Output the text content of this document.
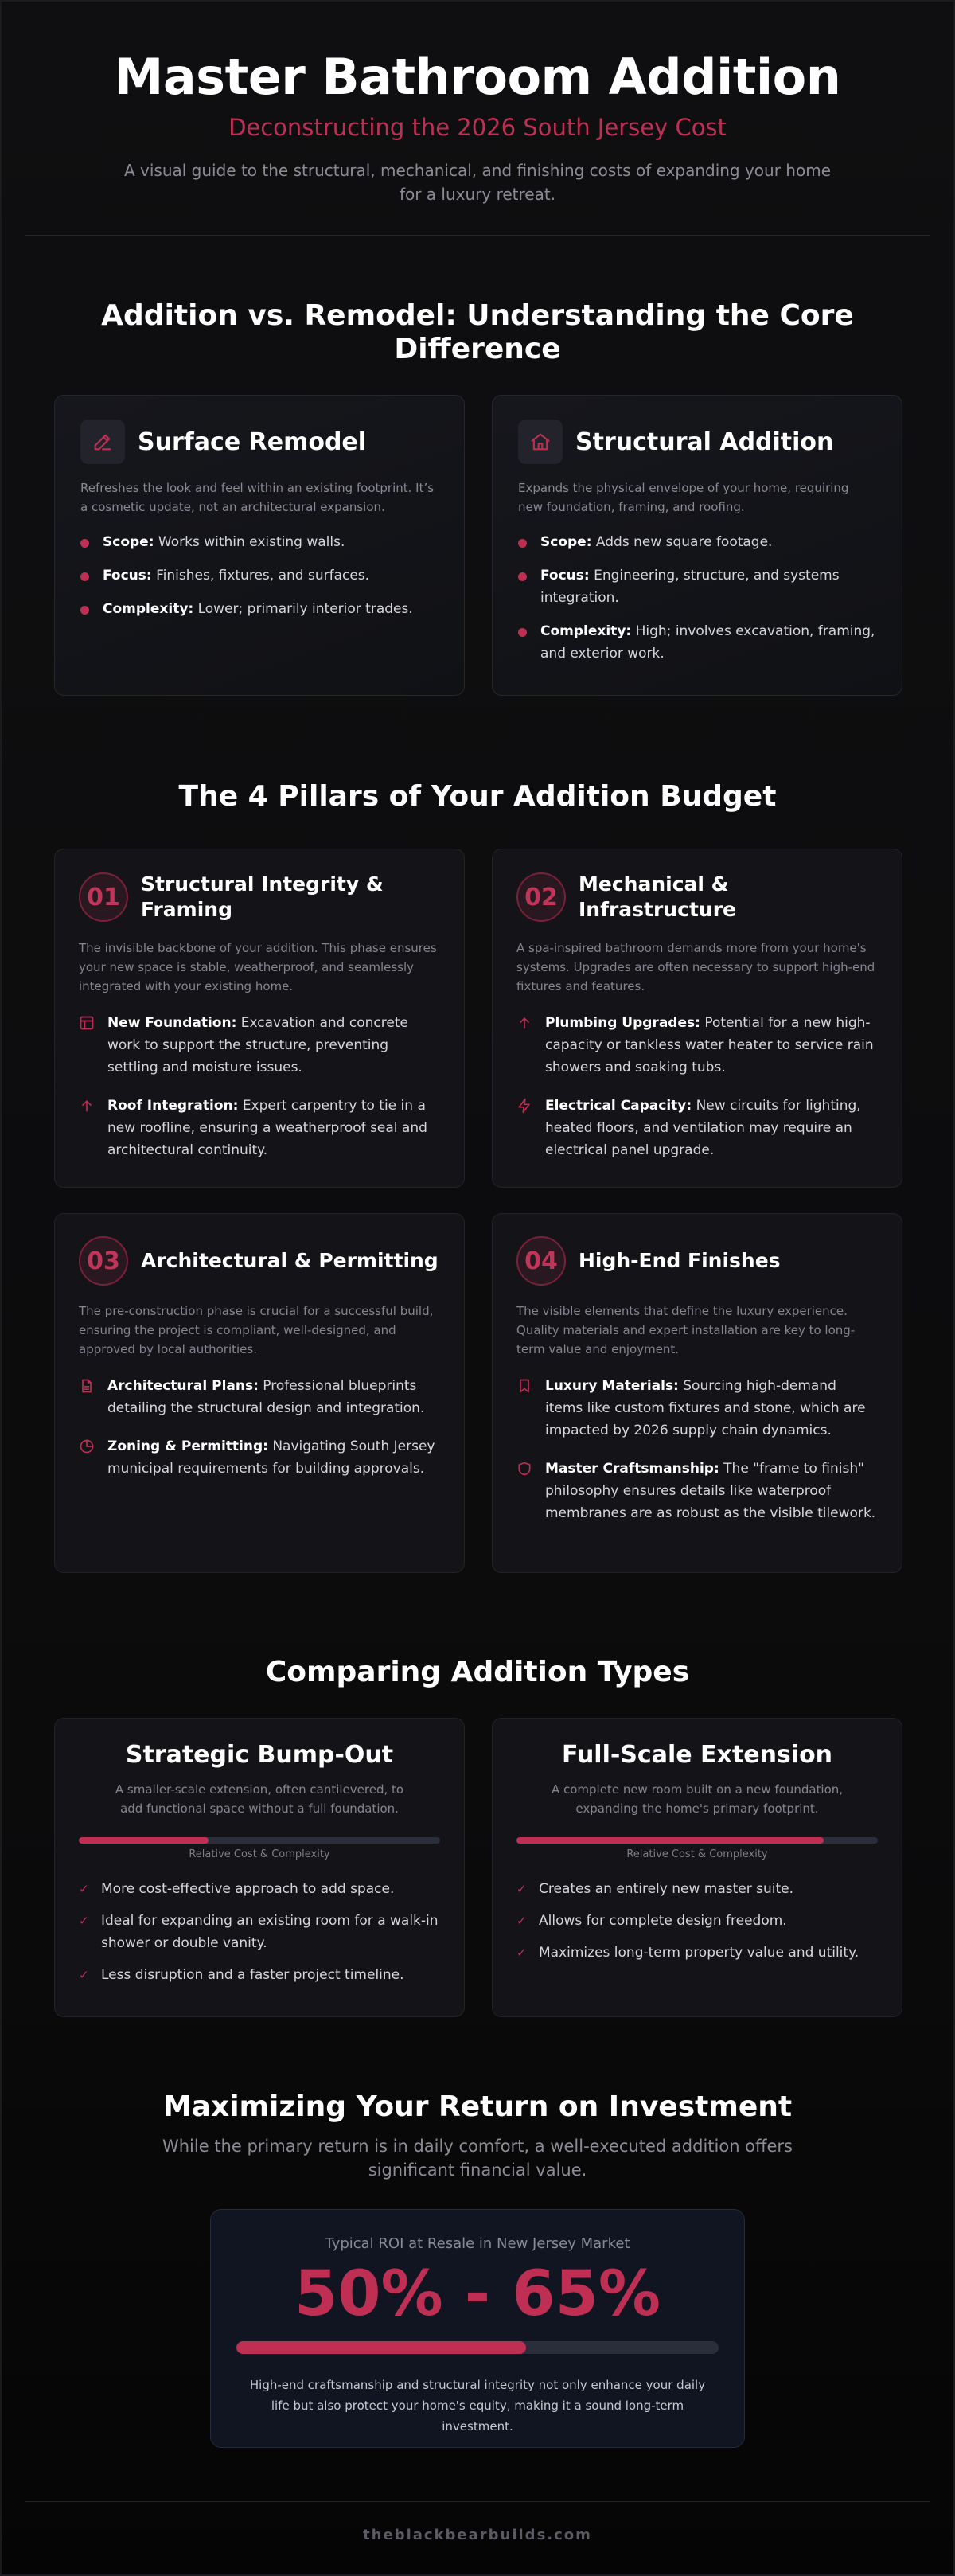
Master Bathroom Addition
Deconstructing the 2026 South Jersey Cost

A visual guide to the structural, mechanical, and finishing costs of expanding your home for a luxury retreat.

Addition vs. Remodel: Understanding the Core Difference
Surface Remodel

Refreshes the look and feel within an existing footprint. It’s a cosmetic update, not an architectural expansion.

Scope: Works within existing walls.
Focus: Finishes, fixtures, and surfaces.
Complexity: Lower; primarily interior trades.
Structural Addition

Expands the physical envelope of your home, requiring new foundation, framing, and roofing.

Scope: Adds new square footage.
Focus: Engineering, structure, and systems integration.
Complexity: High; involves excavation, framing, and exterior work.
The 4 Pillars of Your Addition Budget
01	Structural Integrity & Framing

The invisible backbone of your addition. This phase ensures your new space is stable, weatherproof, and seamlessly integrated with your existing home.

New Foundation: Excavation and concrete work to support the structure, preventing settling and moisture issues.
Roof Integration: Expert carpentry to tie in a new roofline, ensuring a weatherproof seal and architectural continuity.
02	Mechanical & Infrastructure

A spa-inspired bathroom demands more from your home's systems. Upgrades are often necessary to support high-end fixtures and features.

Plumbing Upgrades: Potential for a new high-capacity or tankless water heater to service rain showers and soaking tubs.
Electrical Capacity: New circuits for lighting, heated floors, and ventilation may require an electrical panel upgrade.
03	Architectural & Permitting

The pre-construction phase is crucial for a successful build, ensuring the project is compliant, well-designed, and approved by local authorities.

Architectural Plans: Professional blueprints detailing the structural design and integration.
Zoning & Permitting: Navigating South Jersey municipal requirements for building approvals.
04	High-End Finishes

The visible elements that define the luxury experience. Quality materials and expert installation are key to long-term value and enjoyment.

Luxury Materials: Sourcing high-demand items like custom fixtures and stone, which are impacted by 2026 supply chain dynamics.
Master Craftsmanship: The "frame to finish" philosophy ensures details like waterproof membranes are as robust as the visible tilework.
Comparing Addition Types
Strategic Bump-Out

A smaller-scale extension, often cantilevered, to add functional space without a full foundation.

Relative Cost & Complexity
✓ More cost-effective approach to add space.
✓ Ideal for expanding an existing room for a walk-in shower or double vanity.
✓ Less disruption and a faster project timeline.
Full-Scale Extension

A complete new room built on a new foundation, expanding the home's primary footprint.

Relative Cost & Complexity
✓ Creates an entirely new master suite.
✓ Allows for complete design freedom.
✓ Maximizes long-term property value and utility.
Maximizing Your Return on Investment

While the primary return is in daily comfort, a well-executed addition offers significant financial value.

Typical ROI at Resale in New Jersey Market
50% - 65%

High-end craftsmanship and structural integrity not only enhance your daily life but also protect your home's equity, making it a sound long-term investment.

theblackbearbuilds.com
